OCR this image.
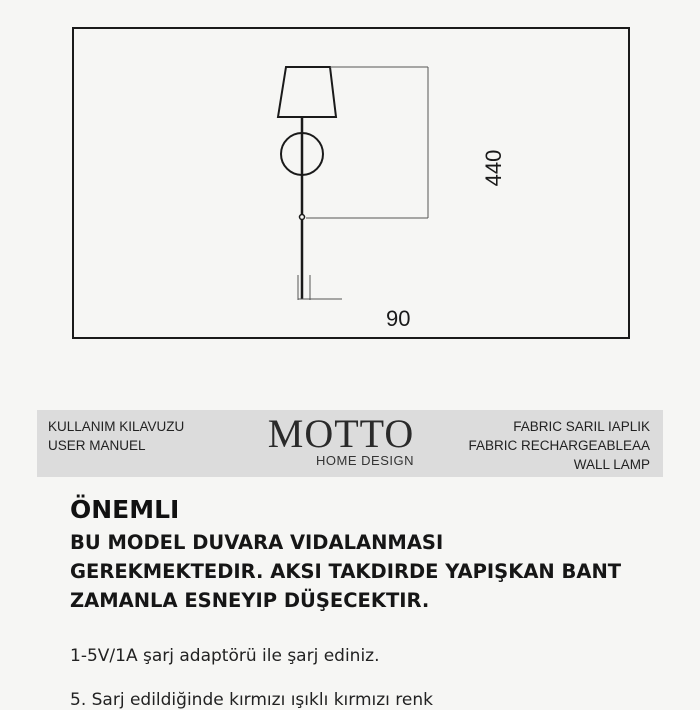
440
90
KULLANIM KILAVUZU
USER MANUEL	MOTTO
HOME DESIGN
FABRIC SARIL IAPLIK
FABRIC RECHARGEABLEAA
WALL LAMP
ÖNEMLI
BU MODEL DUVARA VIDALANMASI
GEREKMEKTEDIR. AKSI TAKDIRDE YAPIŞKAN BANT
ZAMANLA ESNEYIP DÜŞECEKTIR.
1-5V/1A şarj adaptörü ile şarj ediniz.
5. Sarj edildiğinde kırmızı ışıklı kırmızı renk
